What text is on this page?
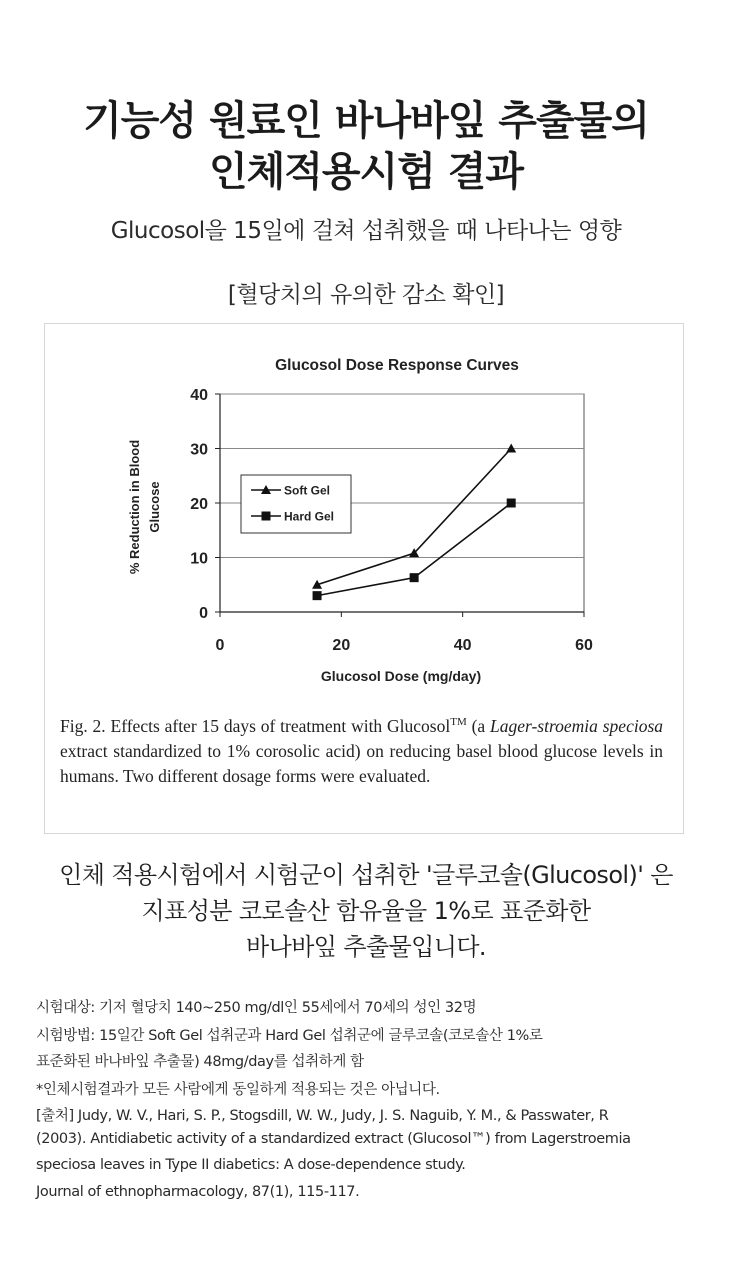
기능성 원료인 바나바잎 추출물의
인체적용시험 결과
Glucosol을 15일에 걸쳐 섭취했을 때 나타나는 영향
[혈당치의 유의한 감소 확인]
Glucosol Dose Response Curves
% Reduction in Blood Glucose
Glucosol Dose (mg/day)
0
10
20
30
40
0	20	40	60
Soft Gel
Hard Gel
Fig. 2. Effects after 15 days of treatment with Glucosol™ (a Lager-stroemia speciosa extract standardized to 1% corosolic acid) on reducing basel blood glucose levels in humans. Two different dosage forms were evaluated.
인체 적용시험에서 시험군이 섭취한 '글루코솔(Glucosol)' 은
지표성분 코로솔산 함유율을 1%로 표준화한
바나바잎 추출물입니다.
시험대상: 기저 혈당치 140~250 mg/dl인 55세에서 70세의 성인 32명
시험방법: 15일간 Soft Gel 섭취군과 Hard Gel 섭취군에 글루코솔(코로솔산 1%로
표준화된 바나바잎 추출물) 48mg/day를 섭취하게 함
*인체시험결과가 모든 사람에게 동일하게 적용되는 것은 아닙니다.
[출처] Judy, W. V., Hari, S. P., Stogsdill, W. W., Judy, J. S. Naguib, Y. M., & Passwater, R
(2003). Antidiabetic activity of a standardized extract (Glucosol™) from Lagerstroemia
speciosa leaves in Type II diabetics: A dose-dependence study.
Journal of ethnopharmacology, 87(1), 115-117.
